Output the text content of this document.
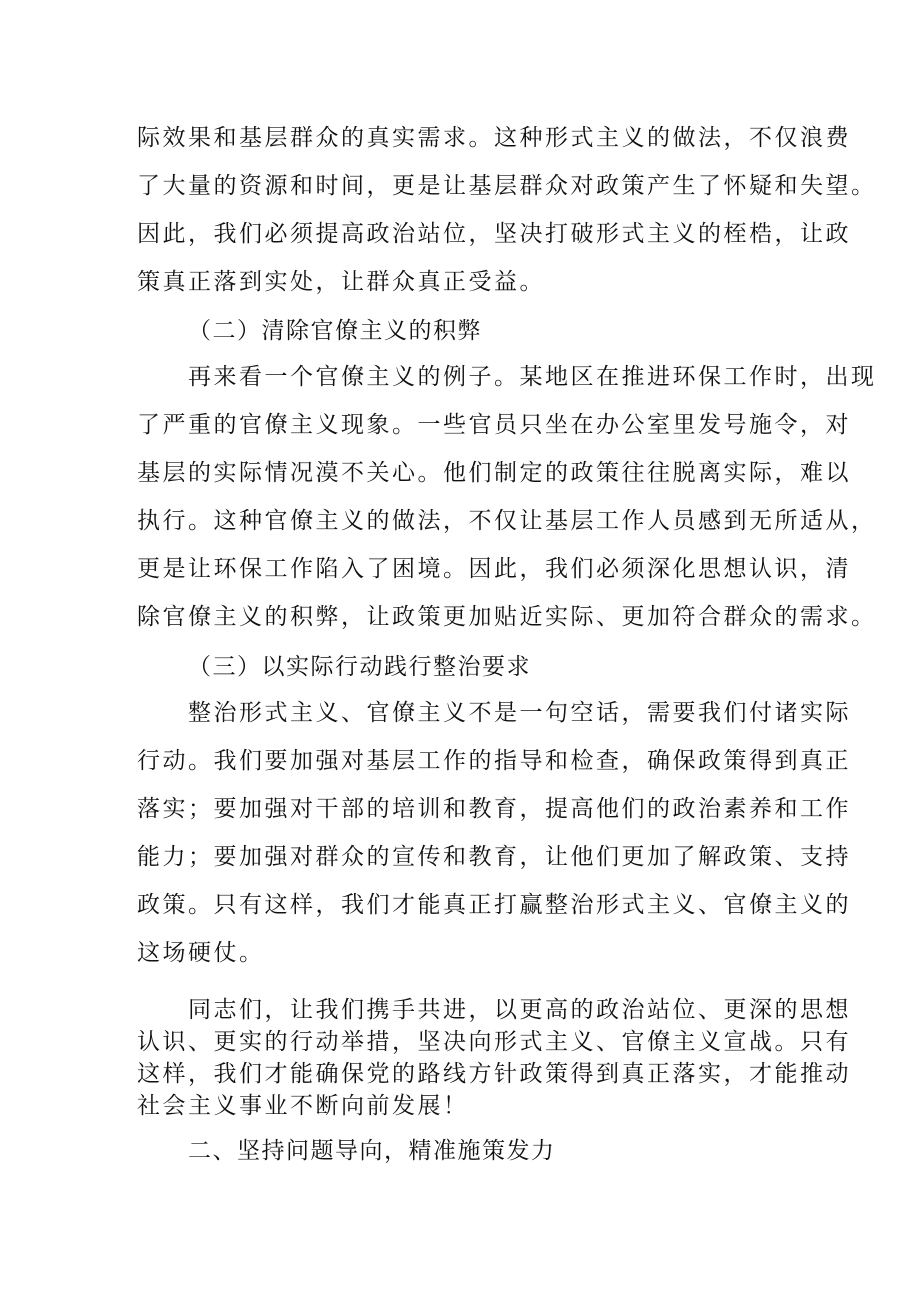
际效果和基层群众的真实需求。这种形式主义的做法，不仅浪费
了大量的资源和时间，更是让基层群众对政策产生了怀疑和失望。
因此，我们必须提高政治站位，坚决打破形式主义的桎梏，让政
策真正落到实处，让群众真正受益。
（二）清除官僚主义的积弊
再来看一个官僚主义的例子。某地区在推进环保工作时，出现
了严重的官僚主义现象。一些官员只坐在办公室里发号施令，对
基层的实际情况漠不关心。他们制定的政策往往脱离实际，难以
执行。这种官僚主义的做法，不仅让基层工作人员感到无所适从，
更是让环保工作陷入了困境。因此，我们必须深化思想认识，清
除官僚主义的积弊，让政策更加贴近实际、更加符合群众的需求。
（三）以实际行动践行整治要求
整治形式主义、官僚主义不是一句空话，需要我们付诸实际
行动。我们要加强对基层工作的指导和检查，确保政策得到真正
落实；要加强对干部的培训和教育，提高他们的政治素养和工作
能力；要加强对群众的宣传和教育，让他们更加了解政策、支持
政策。只有这样，我们才能真正打赢整治形式主义、官僚主义的
这场硬仗。
同志们，让我们携手共进，以更高的政治站位、更深的思想
认识、更实的行动举措，坚决向形式主义、官僚主义宣战。只有
这样，我们才能确保党的路线方针政策得到真正落实，才能推动
社会主义事业不断向前发展！
二、坚持问题导向，精准施策发力
